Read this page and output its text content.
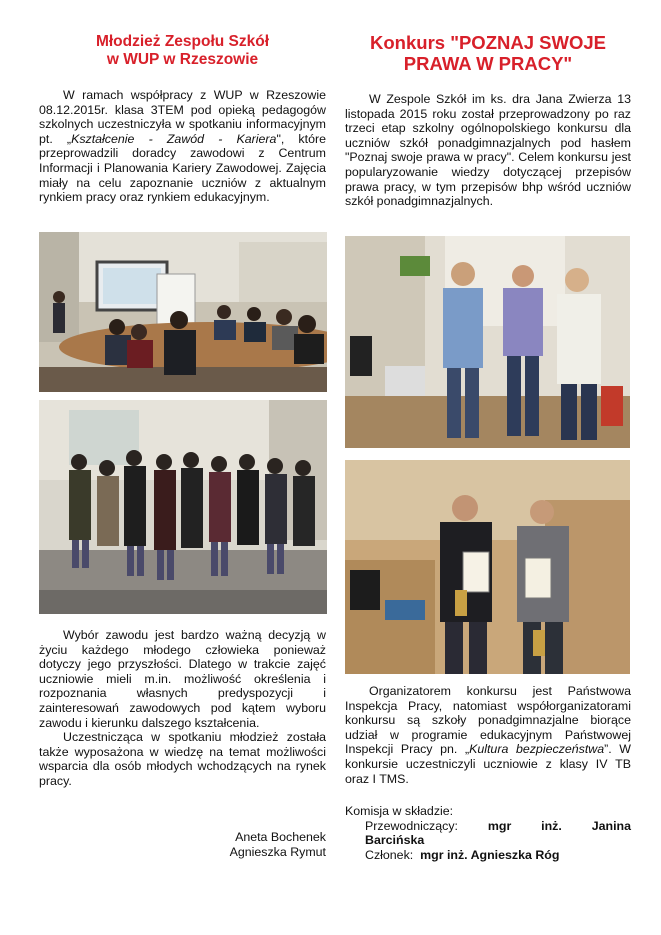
Młodzież Zespołu Szkół
w WUP w Rzeszowie

W ramach współpracy z WUP w Rzeszowie 08.12.2015r. klasa 3TEM pod opieką pedagogów szkolnych uczestniczyła w spotkaniu informacyjnym pt. „Kształcenie - Zawód - Kariera", które przeprowadzili doradcy zawodowi z Centrum Informacji i Planowania Kariery Zawodowej. Zajęcia miały na celu zapoznanie uczniów z aktualnym rynkiem pracy oraz rynkiem edukacyjnym.

Wybór zawodu jest bardzo ważną decyzją w życiu każdego młodego człowieka ponieważ dotyczy jego przyszłości. Dlatego w trakcie zajęć uczniowie mieli m.in. możliwość określenia i rozpoznania własnych predyspozycji i zainteresowań zawodowych pod kątem wyboru zawodu i kierunku dalszego kształcenia.

Uczestnicząca w spotkaniu młodzież została także wyposażona w wiedzę na temat możliwości wsparcia dla osób młodych wchodzących na rynek pracy.

Aneta Bochenek

Agnieszka Rymut

Konkurs "POZNAJ SWOJE
PRAWA W PRACY"

W Zespole Szkół im ks. dra Jana Zwierza 13 listopada 2015 roku został przeprowadzony po raz trzeci etap szkolny ogólnopolskiego konkursu dla uczniów szkół ponadgimnazjalnych pod hasłem "Poznaj swoje prawa w pracy". Celem konkursu jest popularyzowanie wiedzy dotyczącej przepisów prawa pracy, w tym przepisów bhp wśród uczniów szkół ponadgimnazjalnych.

Organizatorem konkursu jest Państwowa Inspekcja Pracy, natomiast współorganizatorami konkursu są szkoły ponadgimnazjalne biorące udział w programie edukacyjnym Państwowej Inspekcji Pracy pn. „Kultura bezpieczeństwa”. W konkursie uczestniczyli uczniowie z klasy IV TB oraz I TMS.

Komisja w składzie:
Przewodniczący: mgr inż. Janina
Barcińska
Członek: mgr inż. Agnieszka Róg
